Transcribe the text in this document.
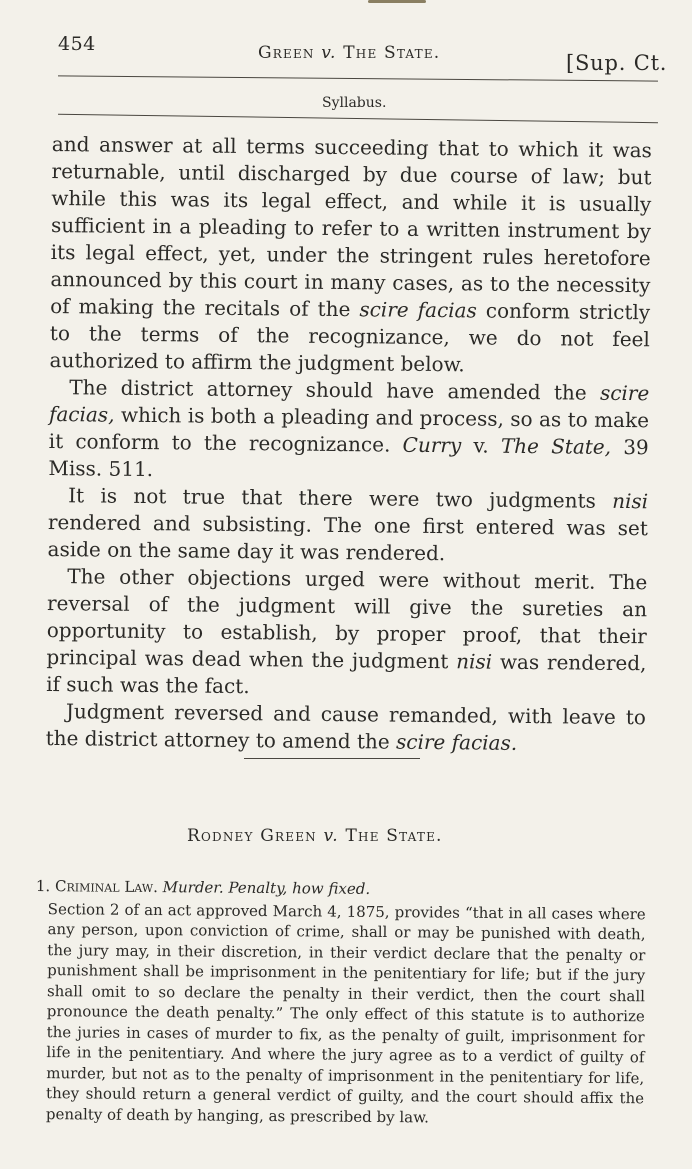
454	Green v. The State.	[Sup. Ct.
Syllabus.

and answer at all terms succeeding that to which it was returnable, until discharged by due course of law; but while this was its legal effect, and while it is usually sufficient in a pleading to refer to a written instrument by its legal effect, yet, under the stringent rules heretofore announced by this court in many cases, as to the necessity of making the recitals of the scire facias conform strictly to the terms of the recognizance, we do not feel authorized to affirm the judgment below.

The district attorney should have amended the scire facias, which is both a pleading and process, so as to make it conform to the recognizance. Curry v. The State, 39 Miss. 511.

It is not true that there were two judgments nisi rendered and subsisting. The one first entered was set aside on the same day it was rendered.

The other objections urged were without merit. The reversal of the judgment will give the sureties an opportunity to establish, by proper proof, that their principal was dead when the judgment nisi was rendered, if such was the fact.

Judgment reversed and cause remanded, with leave to the district attorney to amend the scire facias.

Rodney Green v. The State.

1. Criminal Law. Murder. Penalty, how fixed.

Section 2 of an act approved March 4, 1875, provides “that in all cases where any person, upon conviction of crime, shall or may be punished with death, the jury may, in their discretion, in their verdict declare that the penalty or punishment shall be imprisonment in the penitentiary for life; but if the jury shall omit to so declare the penalty in their verdict, then the court shall pronounce the death penalty.” The only effect of this statute is to authorize the juries in cases of murder to fix, as the penalty of guilt, imprisonment for life in the penitentiary. And where the jury agree as to a verdict of guilty of murder, but not as to the penalty of imprisonment in the penitentiary for life, they should return a general verdict of guilty, and the court should affix the penalty of death by hanging, as prescribed by law.
